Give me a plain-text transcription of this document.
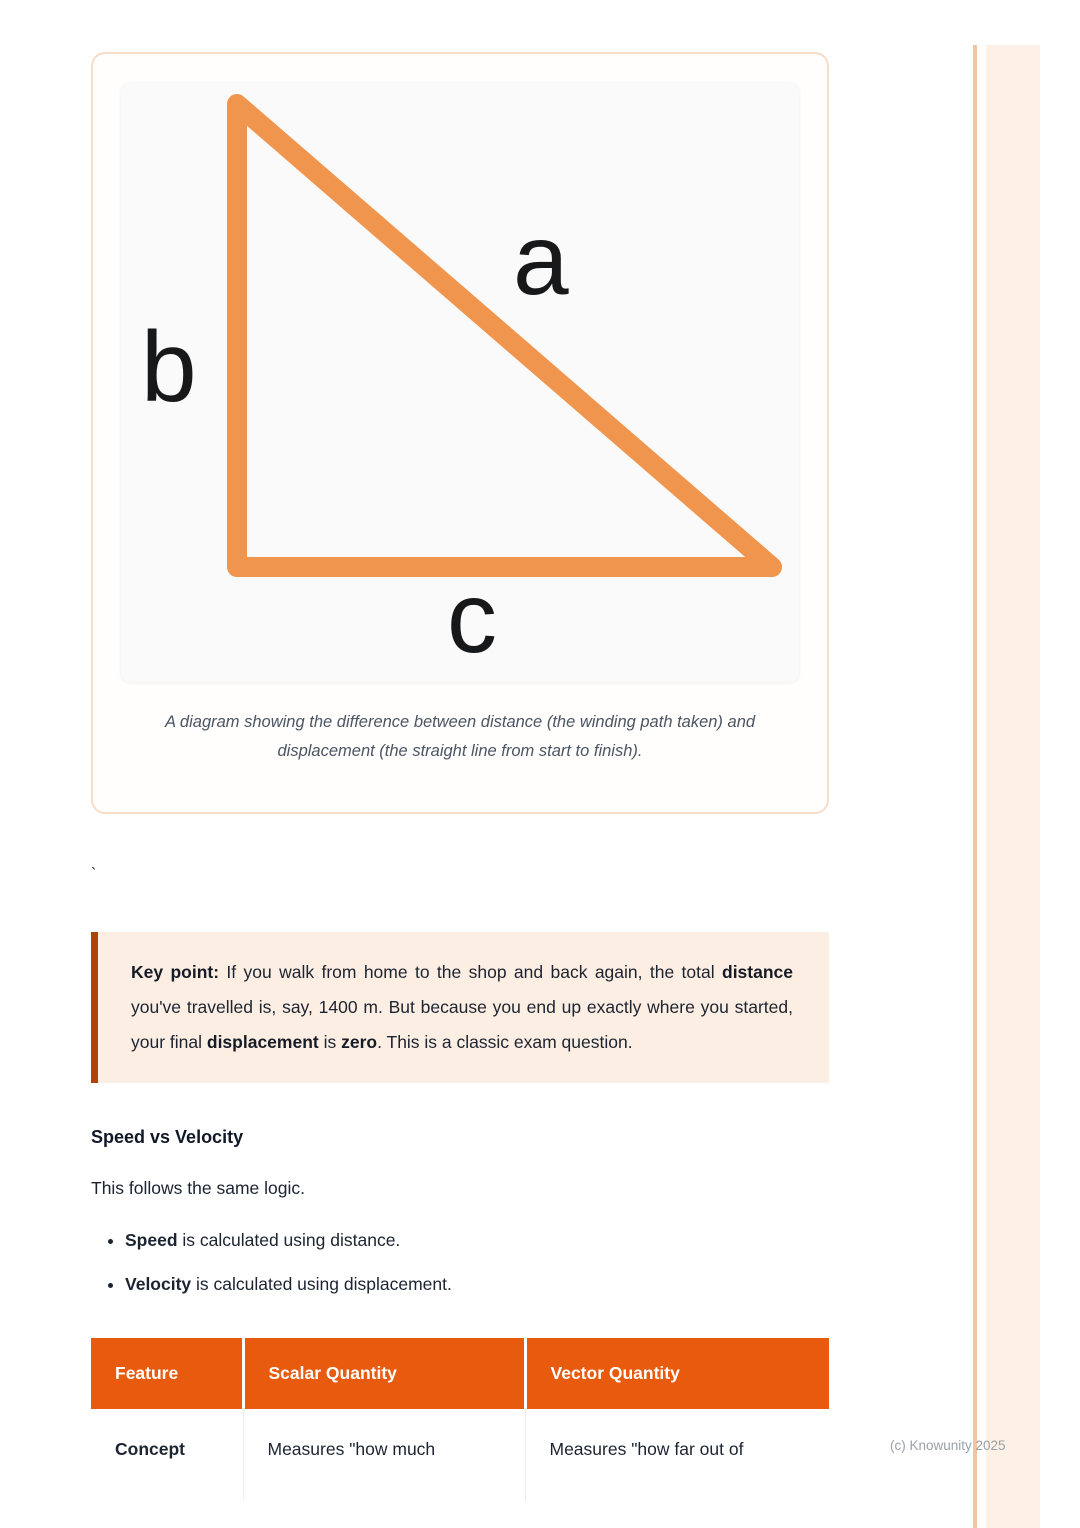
a
b
c

A diagram showing the difference between distance (the winding path taken) and displacement (the straight line from start to finish).

`

Key point: If you walk from home to the shop and back again, the total distance you've travelled is, say, 1400 m. But because you end up exactly where you started, your final displacement is zero. This is a classic exam question.

Speed vs Velocity

This follows the same logic.

• Speed is calculated using distance.
• Velocity is calculated using displacement.
Feature	Scalar Quantity	Vector Quantity
Concept	Measures "how much	Measures "how far out of	(c) Knowunity 2025
